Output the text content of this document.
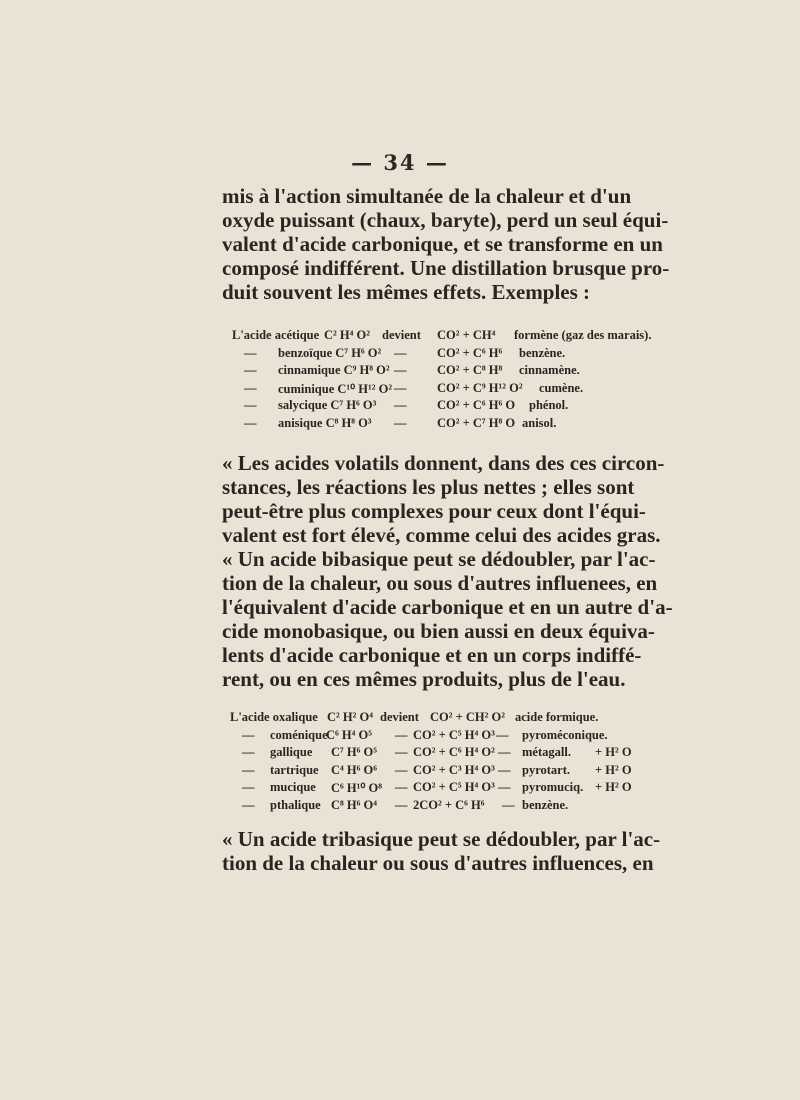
— 34 —
mis à l'action simultanée de la chaleur et d'un
oxyde puissant (chaux, baryte), perd un seul équi-
valent d'acide carbonique, et se transforme en un
composé indifférent. Une distillation brusque pro-
duit souvent les mêmes effets. Exemples :
L'acide acétique C² H⁴ O² devient CO² + CH⁴ formène (gaz des marais).
— benzoïque C⁷ H⁶ O² — CO² + C⁶ H⁶ benzène.
— cinnamique C⁹ H⁸ O² — CO² + C⁸ H⁸ cinnamène.
— cuminique C¹⁰ H¹² O² — CO² + C⁹ H¹² O² cumène.
— salycique C⁷ H⁶ O³ — CO² + C⁶ H⁶ O phénol.
— anisique C⁸ H⁸ O³ — CO² + C⁷ H⁸ O anisol.
« Les acides volatils donnent, dans des ces circon-
stances, les réactions les plus nettes ; elles sont
peut-être plus complexes pour ceux dont l'équi-
valent est fort élevé, comme celui des acides gras.
« Un acide bibasique peut se dédoubler, par l'ac-
tion de la chaleur, ou sous d'autres influenees, en
l'équivalent d'acide carbonique et en un autre d'a-
cide monobasique, ou bien aussi en deux équiva-
lents d'acide carbonique et en un corps indiffé-
rent, ou en ces mêmes produits, plus de l'eau.
L'acide oxalique C² H² O⁴ devient CO² + CH² O² acide formique.
— coménique
C⁶ H⁴ O⁵ — CO² + C⁵ H⁴ O³ — pyroméconique.
— gallique C⁷ H⁶ O⁵ — CO² + C⁶ H⁴ O² — métagall. + H² O
— tartrique C⁴ H⁶ O⁶ — CO² + C³ H⁴ O³ — pyrotart. + H² O
— mucique C⁶ H¹⁰ O⁸ — CO² + C⁵ H⁴ O³ — pyromuciq. + H² O
— pthalique C⁸ H⁶ O⁴ — 2CO² + C⁶ H⁶ — benzène.
« Un acide tribasique peut se dédoubler, par l'ac-
tion de la chaleur ou sous d'autres influences, en
